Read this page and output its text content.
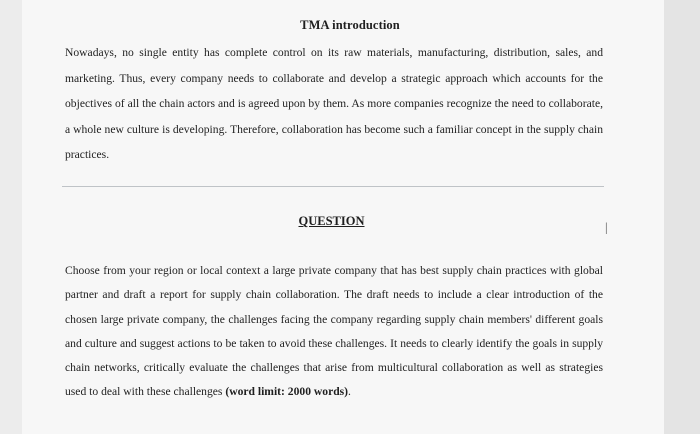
TMA introduction

Nowadays, no single entity has complete control on its raw materials, manufacturing, distribution, sales, and marketing. Thus, every company needs to collaborate and develop a strategic approach which accounts for the objectives of all the chain actors and is agreed upon by them. As more companies recognize the need to collaborate, a whole new culture is developing. Therefore, collaboration has become such a familiar concept in the supply chain practices.

QUESTION

Choose from your region or local context a large private company that has best supply chain practices with global partner and draft a report for supply chain collaboration. The draft needs to include a clear introduction of the chosen large private company, the challenges facing the company regarding supply chain members' different goals and culture and suggest actions to be taken to avoid these challenges. It needs to clearly identify the goals in supply chain networks, critically evaluate the challenges that arise from multicultural collaboration as well as strategies used to deal with these challenges (word limit: 2000 words).

I
